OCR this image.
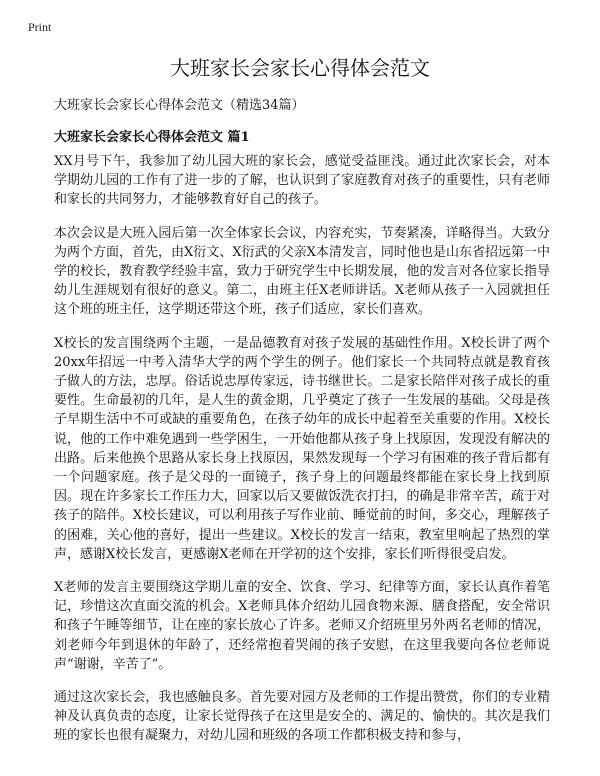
Print
大班家长会家长心得体会范文
大班家长会家长心得体会范文（精选34篇）
大班家长会家长心得体会范文 篇1

XX月号下午，我参加了幼儿园大班的家长会，感觉受益匪浅。通过此次家长会，对本学期幼儿园的工作有了进一步的了解，也认识到了家庭教育对孩子的重要性，只有老师和家长的共同努力，才能够教育好自己的孩子。

本次会议是大班入园后第一次全体家长会议，内容充实，节奏紧凑，详略得当。大致分为两个方面，首先，由X衍文、X衍武的父亲X本清发言，同时他也是山东省招远第一中学的校长，教育教学经验丰富，致力于研究学生中长期发展，他的发言对各位家长指导幼儿生涯规划有很好的意义。第二，由班主任X老师讲话。X老师从孩子一入园就担任这个班的班主任，这学期还带这个班，孩子们适应，家长们喜欢。

X校长的发言围绕两个主题，一是品德教育对孩子发展的基础性作用。X校长讲了两个20xx年招远一中考入清华大学的两个学生的例子。他们家长一个共同特点就是教育孩子做人的方法，忠厚。俗话说忠厚传家远，诗书继世长。二是家长陪伴对孩子成长的重要性。生命最初的几年，是人生的黄金期，几乎奠定了孩子一生发展的基础。父母是孩子早期生活中不可或缺的重要角色，在孩子幼年的成长中起着至关重要的作用。X校长说，他的工作中难免遇到一些学困生，一开始他都从孩子身上找原因，发现没有解决的出路。后来他换个思路从家长身上找原因，果然发现每一个学习有困难的孩子背后都有一个问题家庭。孩子是父母的一面镜子，孩子身上的问题最终都能在家长身上找到原因。现在许多家长工作压力大，回家以后又要做饭洗衣打扫，的确是非常辛苦，疏于对孩子的陪伴。X校长建议，可以利用孩子写作业前、睡觉前的时间，多交心，理解孩子的困难，关心他的喜好，提出一些建议。X校长的发言一结束，教室里响起了热烈的掌声，感谢X校长发言，更感谢X老师在开学初的这个安排，家长们听得很受启发。

X老师的发言主要围绕这学期儿童的安全、饮食、学习、纪律等方面，家长认真作着笔记，珍惜这次直面交流的机会。X老师具体介绍幼儿园食物来源、膳食搭配，安全常识和孩子午睡等细节，让在座的家长放心了许多。老师又介绍班里另外两名老师的情况，刘老师今年到退休的年龄了，还经常抱着哭闹的孩子安慰，在这里我要向各位老师说声“谢谢，辛苦了”。

通过这次家长会，我也感触良多。首先要对园方及老师的工作提出赞赏，你们的专业精神及认真负责的态度，让家长觉得孩子在这里是安全的、满足的、愉快的。其次是我们班的家长也很有凝聚力，对幼儿园和班级的各项工作都积极支持和参与，
